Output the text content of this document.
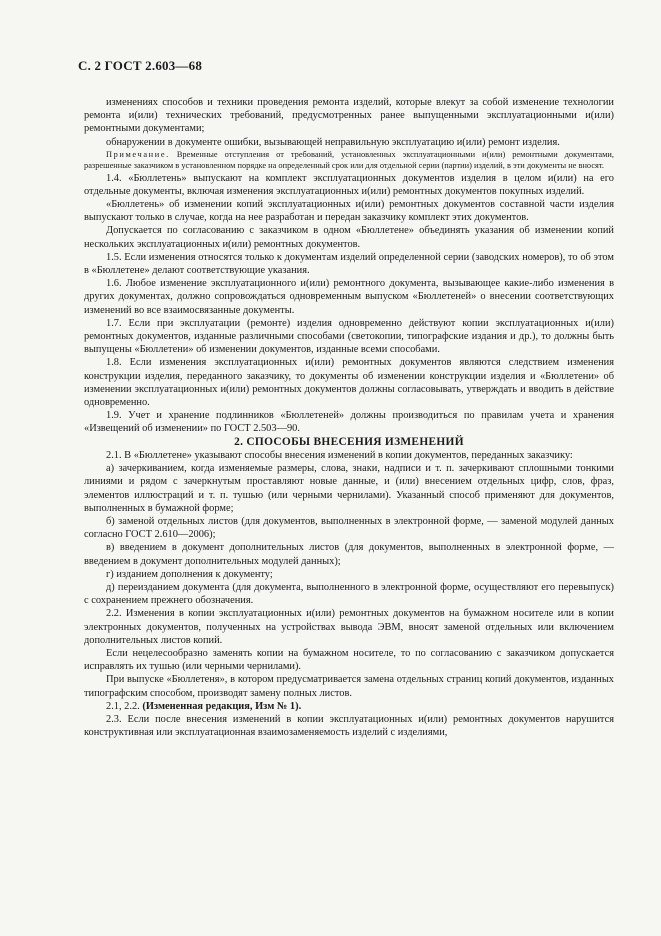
С. 2 ГОСТ 2.603—68

изменениях способов и техники проведения ремонта изделий, которые влекут за собой изменение технологии ремонта и(или) технических требований, предусмотренных ранее выпущенными эксплуатационными и(или) ремонтными документами;

обнаружении в документе ошибки, вызывающей неправильную эксплуатацию и(или) ремонт изделия.

Примечание. Временные отступления от требований, установленных эксплуатационными и(или) ремонтными документами, разрешенные заказчиком в установленном порядке на определенный срок или для отдельной серии (партии) изделий, в эти документы не вносят.

1.4. «Бюллетень» выпускают на комплект эксплуатационных документов изделия в целом и(или) на его отдельные документы, включая изменения эксплуатационных и(или) ремонтных документов покупных изделий.

«Бюллетень» об изменении копий эксплуатационных и(или) ремонтных документов составной части изделия выпускают только в случае, когда на нее разработан и передан заказчику комплект этих документов.

Допускается по согласованию с заказчиком в одном «Бюллетене» объединять указания об изменении копий нескольких эксплуатационных и(или) ремонтных документов.

1.5. Если изменения относятся только к документам изделий определенной серии (заводских номеров), то об этом в «Бюллетене» делают соответствующие указания.

1.6. Любое изменение эксплуатационного и(или) ремонтного документа, вызывающее какие-либо изменения в других документах, должно сопровождаться одновременным выпуском «Бюллетеней» о внесении соответствующих изменений во все взаимосвязанные документы.

1.7. Если при эксплуатации (ремонте) изделия одновременно действуют копии эксплуатационных и(или) ремонтных документов, изданные различными способами (светокопии, типографские издания и др.), то должны быть выпущены «Бюллетени» об изменении документов, изданные всеми способами.

1.8. Если изменения эксплуатационных и(или) ремонтных документов являются следствием изменения конструкции изделия, переданного заказчику, то документы об изменении конструкции изделия и «Бюллетени» об изменении эксплуатационных и(или) ремонтных документов должны согласовывать, утверждать и вводить в действие одновременно.

1.9. Учет и хранение подлинников «Бюллетеней» должны производиться по правилам учета и хранения «Извещений об изменении» по ГОСТ 2.503—90.

2. СПОСОБЫ ВНЕСЕНИЯ ИЗМЕНЕНИЙ

2.1. В «Бюллетене» указывают способы внесения изменений в копии документов, переданных заказчику:

а) зачеркиванием, когда изменяемые размеры, слова, знаки, надписи и т. п. зачеркивают сплошными тонкими линиями и рядом с зачеркнутым проставляют новые данные, и (или) внесением отдельных цифр, слов, фраз, элементов иллюстраций и т. п. тушью (или черными чернилами). Указанный способ применяют для документов, выполненных в бумажной форме;

б) заменой отдельных листов (для документов, выполненных в электронной форме, — заменой модулей данных согласно ГОСТ 2.610—2006);

в) введением в документ дополнительных листов (для документов, выполненных в электронной форме, — введением в документ дополнительных модулей данных);

г) изданием дополнения к документу;

д) переизданием документа (для документа, выполненного в электронной форме, осуществляют его перевыпуск) с сохранением прежнего обозначения.

2.2. Изменения в копии эксплуатационных и(или) ремонтных документов на бумажном носителе или в копии электронных документов, полученных на устройствах вывода ЭВМ, вносят заменой отдельных или включением дополнительных листов копий.

Если нецелесообразно заменять копии на бумажном носителе, то по согласованию с заказчиком допускается исправлять их тушью (или черными чернилами).

При выпуске «Бюллетеня», в котором предусматривается замена отдельных страниц копий документов, изданных типографским способом, производят замену полных листов.

2.1, 2.2. (Измененная редакция, Изм № 1).

2.3. Если после внесения изменений в копии эксплуатационных и(или) ремонтных документов нарушится конструктивная или эксплуатационная взаимозаменяемость изделий с изделиями,
